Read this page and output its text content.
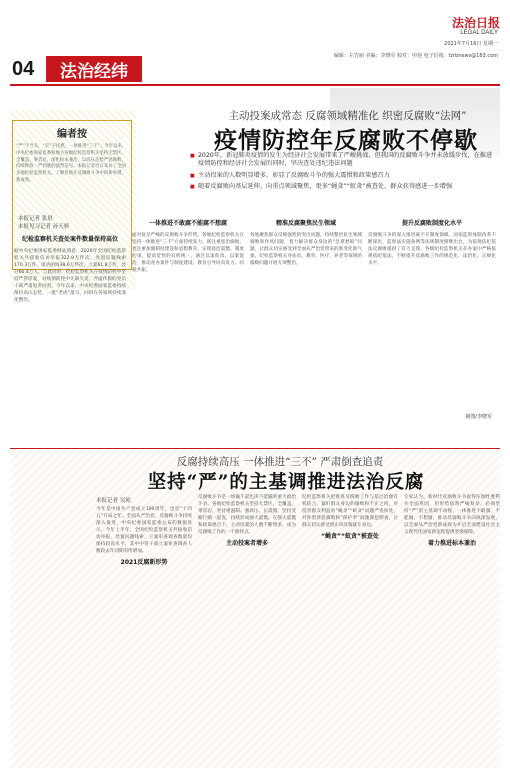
04	法治经纬
法治日报
LEGAL DAILY
2021年7月16日 星期一
编辑：左岩丽 美编：李晓军 校对：申迎 电子信箱：fzrbnews@163.com
编者按
“严”字当头，“实”字托底，一体推进“三不”。今年以来，中央纪委国家监委和地方各级纪检监察机关坚持无禁区、全覆盖、零容忍，深化标本兼治，以高压态势严惩腐败，持续释放一严到底的强烈信号。本报记者近日采访了全国多地纪检监察机关，了解各地在反腐败斗争中的新举措、新成效。
主动投案成常态 反腐领域精准化 织密反腐败“法网”
疫情防控年反腐败不停歇

■ 2020年，新冠肺炎疫情的发生为经济社会发展带来了严峻挑战，但我国的反腐败斗争并未放缓步伐，在推进疫情防控和经济社会发展的同时，坚决查处违纪违法问题

■ 主动投案的人数明显增多，彰显了反腐败斗争的强大震慑和政策感召力

■ 随着反腐败向基层延伸、向重点领域聚焦，更多“蝇贪”“蚁贪”被查处，群众获得感进一步增强

本报记者 张晨
本报见习记者 孙天骄
纪检监察机关查处案件数量保持高位
据中央纪委国家监委网站消息，2020年全国纪检监察机关共接收信访举报322.9万件次，处置问题线索170.3万件，谈话函询38.6万件次，立案61.8万件，处分60.4万人。与此同时，纪检监察机关在疫情防控中坚持严管厚爱，对疫情防控中失职失责、弄虚作假的党员干部严肃追责问责。今年以来，中央纪委国家监委持续保持高压态势，一批“老虎”落马，同时在各领域持续深化整治。
一体推进不敢腐不能腐不想腐
面对复杂严峻的反腐败斗争形势，各地纪检监察机关在坚持一体推进“三不”方面持续发力，既注重惩治腐败，也注重加强制度建设和思想教育，实现惩治震慑、制度约束、提高觉悟的有机统一。通过以案促改、以案促治，推动查办案件与制度建设、教育引导同向发力、同频共振。
精准反腐聚焦民生领域
各地聚焦群众反映强烈的突出问题，持续整治民生领域腐败和作风问题，着力解决群众身边的“急难愁盼”问题，让群众切实感受到全面从严治党带来的新变化新气象。纪检监察机关对扶贫、教育、医疗、养老等领域的腐败问题开展专项整治。
提升反腐败制度化水平
反腐败斗争的深入推进离不开制度保障。国家监察体制改革不断深化，监察法实施条例等法规制度相继出台，为依规依纪依法反腐败提供了有力支撑。各级纪检监察机关在办案中严格依规依纪依法，不断提升反腐败工作的规范化、法治化、正规化水平。
制图/李晓军
反腐持续高压 一体推进“三不” 严肃倒查追责
坚持“严”的主基调推进法治反腐
本报记者 吴琼
今年是中国共产党成立100周年，也是“十四五”开局之年。全面从严治党、反腐败斗争持续深入推进，中央纪委国家监委公布的数据显示，今年上半年，全国纪检监察机关共接收信访举报、处置问题线索、立案审查调查数量均保持较高水平，其中中管干部立案审查调查人数较去年同期有所增加。
2021反腐新形势
反腐败斗争是一场输不起也决不能输的重大政治斗争。各地纪检监察机关坚持无禁区、全覆盖、零容忍，坚持重遏制、强高压、长震慑，坚持受贿行贿一起查，持续形成强大震慑。在强大震慑和政策感召下，主动投案的人数不断增多，成为反腐败工作的一个新特点。
主动投案者增多
纪检监察机关把推进反腐败工作与基层治理有机结合，紧盯群众身边的腐败和不正之风，对侵害群众利益的“蝇贪”“蚁贪”问题严查快处，对涉黑涉恶腐败和“保护伞”问题深挖彻查，让群众切实感受到正风反腐就在身边。
“蝇贪”“蚁贪”被查处
专家认为，新时代反腐败斗争取得压倒性胜利并全面巩固，但形势依然严峻复杂。必须坚持“严”的主基调不动摇，一体推进不敢腐、不能腐、不想腐，推动反腐败斗争向纵深发展，以全面从严治党新成效为开启全面建设社会主义现代化国家新征程提供坚强保障。
着力推进标本兼治
